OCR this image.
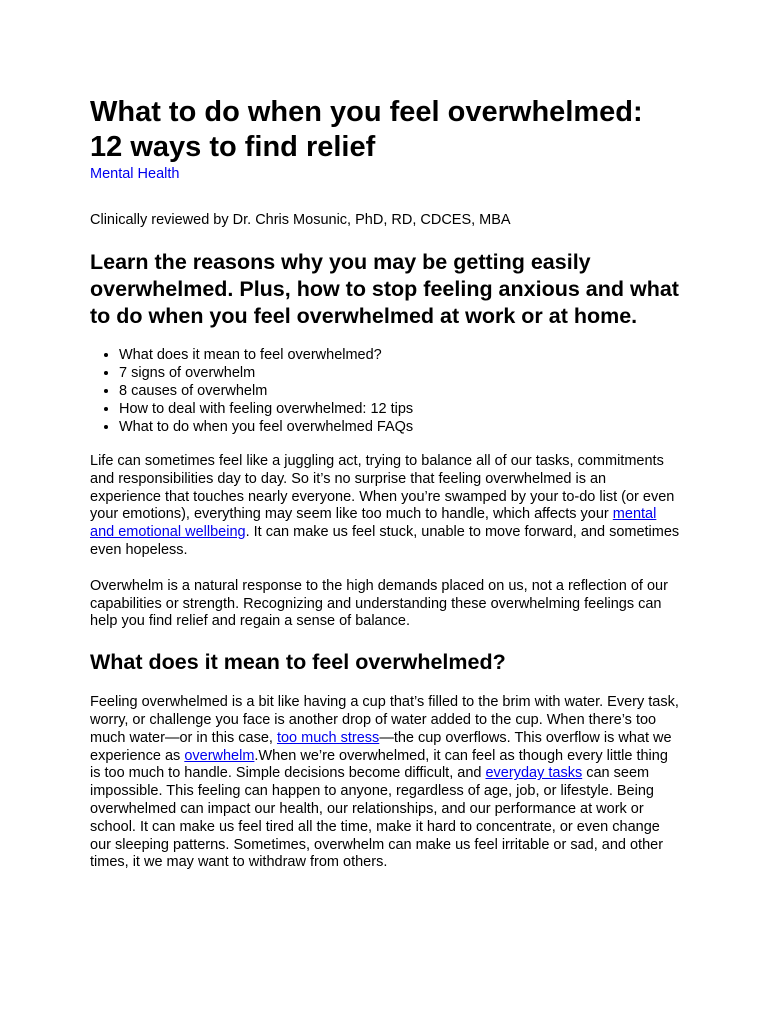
What to do when you feel overwhelmed:
12 ways to find relief
Mental Health

Clinically reviewed by Dr. Chris Mosunic, PhD, RD, CDCES, MBA

Learn the reasons why you may be getting easily overwhelmed. Plus, how to stop feeling anxious and what to do when you feel overwhelmed at work or at home.
• What does it mean to feel overwhelmed?
• 7 signs of overwhelm
• 8 causes of overwhelm
• How to deal with feeling overwhelmed: 12 tips
• What to do when you feel overwhelmed FAQs

Life can sometimes feel like a juggling act, trying to balance all of our tasks, commitments and responsibilities day to day. So it’s no surprise that feeling overwhelmed is an experience that touches nearly everyone. When you’re swamped by your to-do list (or even your emotions), everything may seem like too much to handle, which affects your mental and emotional wellbeing. It can make us feel stuck, unable to move forward, and sometimes even hopeless.

Overwhelm is a natural response to the high demands placed on us, not a reflection of our capabilities or strength. Recognizing and understanding these overwhelming feelings can help you find relief and regain a sense of balance.

What does it mean to feel overwhelmed?

Feeling overwhelmed is a bit like having a cup that’s filled to the brim with water. Every task, worry, or challenge you face is another drop of water added to the cup. When there’s too much water—or in this case, too much stress—the cup overflows. This overflow is what we experience as overwhelm.When we’re overwhelmed, it can feel as though every little thing is too much to handle. Simple decisions become difficult, and everyday tasks can seem impossible. This feeling can happen to anyone, regardless of age, job, or lifestyle. Being overwhelmed can impact our health, our relationships, and our performance at work or school. It can make us feel tired all the time, make it hard to concentrate, or even change our sleeping patterns. Sometimes, overwhelm can make us feel irritable or sad, and other times, it we may want to withdraw from others.
